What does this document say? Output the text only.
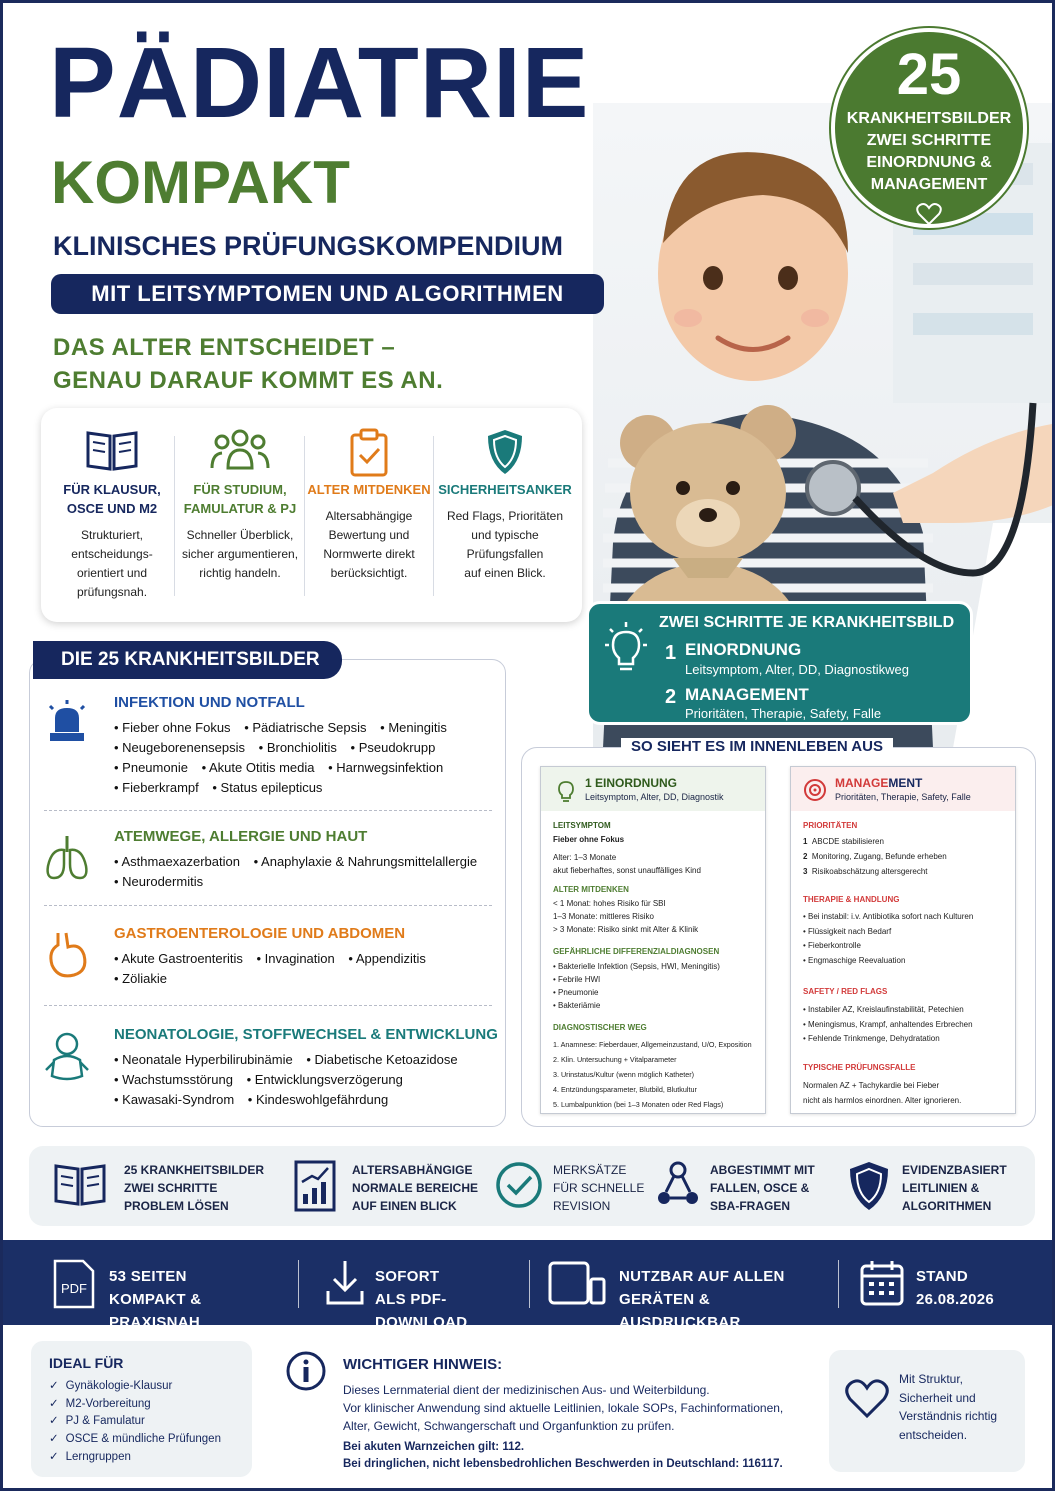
PÄDIATRIE
KOMPAKT
KLINISCHES PRÜFUNGSKOMPENDIUM
MIT LEITSYMPTOMEN UND ALGORITHMEN
DAS ALTER ENTSCHEIDET –
GENAU DARAUF KOMMT ES AN.
25
KRANKHEITSBILDER
ZWEI SCHRITTE
EINORDNUNG &
MANAGEMENT
FÜR KLAUSUR,
OSCE UND M2
Strukturiert,
entscheidungs-
orientiert und
prüfungsnah.
FÜR STUDIUM,
FAMULATUR & PJ
Schneller Überblick,
sicher argumentieren,
richtig handeln.
ALTER MITDENKEN
Altersabhängige
Bewertung und
Normwerte direkt
berücksichtigt.
SICHERHEITSANKER
Red Flags, Prioritäten
und typische
Prüfungsfallen
auf einen Blick.
INFEKTION UND NOTFALL
• Fieber ohne Fokus • Pädiatrische Sepsis • Meningitis
• Neugeborenensepsis • Bronchiolitis • Pseudokrupp
• Pneumonie • Akute Otitis media • Harnwegsinfektion
• Fieberkrampf • Status epilepticus
ATEMWEGE, ALLERGIE UND HAUT
• Asthmaexazerbation • Anaphylaxie & Nahrungsmittelallergie
• Neurodermitis
GASTROENTEROLOGIE UND ABDOMEN
• Akute Gastroenteritis • Invagination • Appendizitis
• Zöliakie
NEONATOLOGIE, STOFFWECHSEL & ENTWICKLUNG
• Neonatale Hyperbilirubinämie • Diabetische Ketoazidose
• Wachstumsstörung • Entwicklungsverzögerung
• Kawasaki-Syndrom • Kindeswohlgefährdung
DIE 25 KRANKHEITSBILDER
ZWEI SCHRITTE JE KRANKHEITSBILD
1 EINORDNUNG
Leitsymptom, Alter, DD, Diagnostikweg
2 MANAGEMENT
Prioritäten, Therapie, Safety, Falle
1 EINORDNUNG
Leitsymptom, Alter, DD, Diagnostik
LEITSYMPTOM
Fieber ohne Fokus
Alter: 1–3 Monate
akut fieberhaftes, sonst unauffälliges Kind
ALTER MITDENKEN
< 1 Monat: hohes Risiko für SBI
1–3 Monate: mittleres Risiko
> 3 Monate: Risiko sinkt mit Alter & Klinik
GEFÄHRLICHE DIFFERENZIALDIAGNOSEN
• Bakterielle Infektion (Sepsis, HWI, Meningitis)
• Febrile HWI
• Pneumonie
• Bakteriämie
DIAGNOSTISCHER WEG
1. Anamnese: Fieberdauer, Allgemeinzustand, U/O, Exposition
2. Klin. Untersuchung + Vitalparameter
3. Urinstatus/Kultur (wenn möglich Katheter)
4. Entzündungsparameter, Blutbild, Blutkultur
5. Lumbalpunktion (bei 1–3 Monaten oder Red Flags)
MANAGEMENT
Prioritäten, Therapie, Safety, Falle
PRIORITÄTEN
1 ABCDE stabilisieren
2 Monitoring, Zugang, Befunde erheben
3 Risikoabschätzung altersgerecht
THERAPIE & HANDLUNG
• Bei instabil: i.v. Antibiotika sofort nach Kulturen
• Flüssigkeit nach Bedarf
• Fieberkontrolle
• Engmaschige Reevaluation
SAFETY / RED FLAGS
• Instabiler AZ, Kreislaufinstabilität, Petechien
• Meningismus, Krampf, anhaltendes Erbrechen
• Fehlende Trinkmenge, Dehydratation
TYPISCHE PRÜFUNGSFALLE
Normalen AZ + Tachykardie bei Fieber
nicht als harmlos einordnen. Alter ignorieren.
SO SIEHT ES IM INNENLEBEN AUS
25 KRANKHEITSBILDER
ZWEI SCHRITTE
PROBLEM LÖSEN
ALTERSABHÄNGIGE
NORMALE BEREICHE
AUF EINEN BLICK
MERKSÄTZE
FÜR SCHNELLE
REVISION
ABGESTIMMT MIT
FALLEN, OSCE &
SBA-FRAGEN
EVIDENZBASIERT
LEITLINIEN &
ALGORITHMEN
PDF
53 SEITEN
KOMPAKT & PRAXISNAH
SOFORT
ALS PDF-DOWNLOAD
NUTZBAR AUF ALLEN
GERÄTEN & AUSDRUCKBAR
STAND
26.08.2026
IDEAL FÜR
✓ Gynäkologie-Klausur
✓ M2-Vorbereitung
✓ PJ & Famulatur
✓ OSCE & mündliche Prüfungen
✓ Lerngruppen
WICHTIGER HINWEIS:
Dieses Lernmaterial dient der medizinischen Aus- und Weiterbildung.
Vor klinischer Anwendung sind aktuelle Leitlinien, lokale SOPs, Fachinformationen,
Alter, Gewicht, Schwangerschaft und Organfunktion zu prüfen.
Bei akuten Warnzeichen gilt: 112.
Bei dringlichen, nicht lebensbedrohlichen Beschwerden in Deutschland: 116117.
Mit Struktur,
Sicherheit und
Verständnis richtig
entscheiden.
